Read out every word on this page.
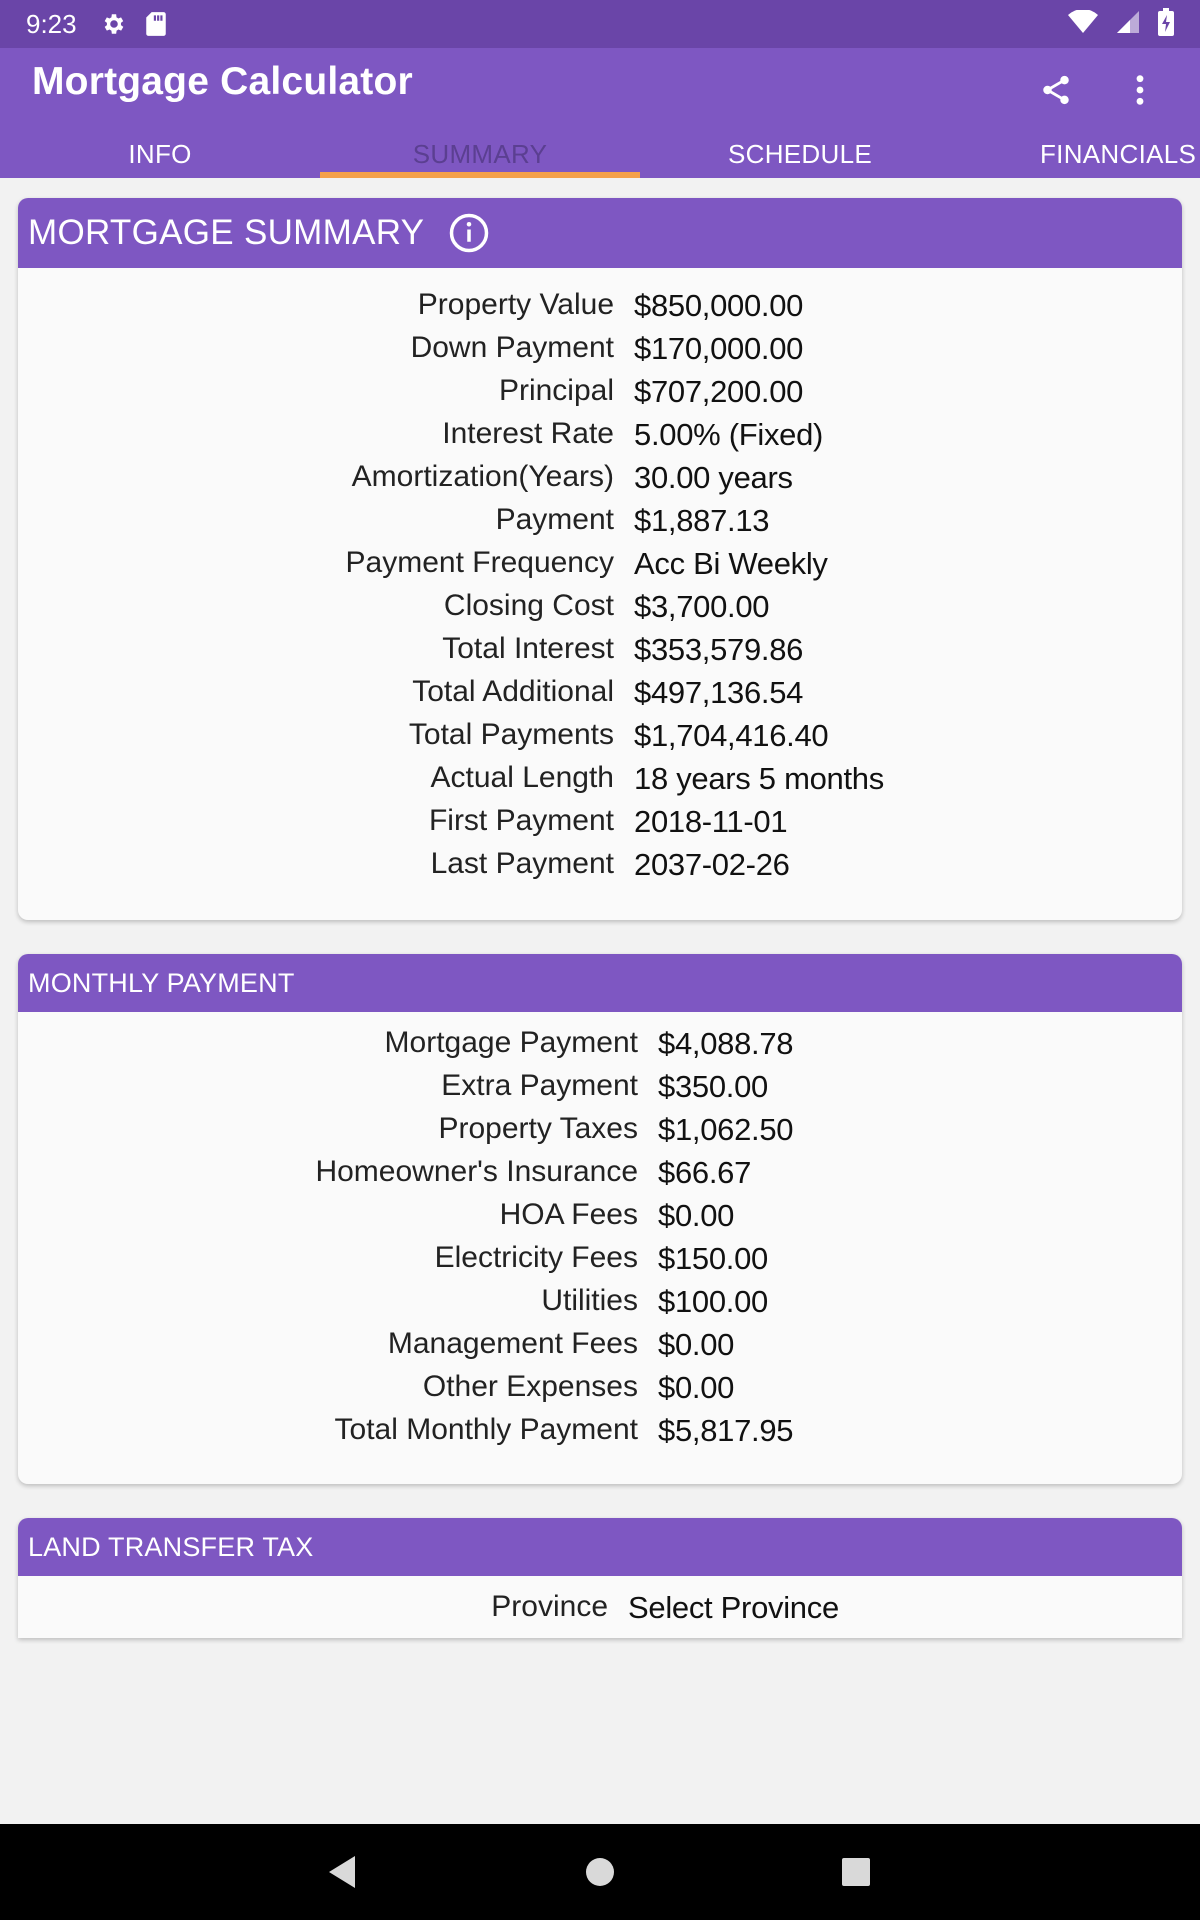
9:23
Mortgage Calculator
INFO	SUMMARY	SCHEDULE	FINANCIALS
MORTGAGE SUMMARY
Property Value $850,000.00
Down Payment $170,000.00
Principal $707,200.00
Interest Rate 5.00% (Fixed)
Amortization(Years) 30.00 years
Payment $1,887.13
Payment Frequency Acc Bi Weekly
Closing Cost $3,700.00
Total Interest $353,579.86
Total Additional $497,136.54
Total Payments $1,704,416.40
Actual Length 18 years 5 months
First Payment 2018-11-01
Last Payment 2037-02-26
MONTHLY PAYMENT
Mortgage Payment $4,088.78
Extra Payment $350.00
Property Taxes $1,062.50
Homeowner's Insurance $66.67
HOA Fees $0.00
Electricity Fees $150.00
Utilities $100.00
Management Fees $0.00
Other Expenses $0.00
Total Monthly Payment $5,817.95
LAND TRANSFER TAX
Province Select Province
